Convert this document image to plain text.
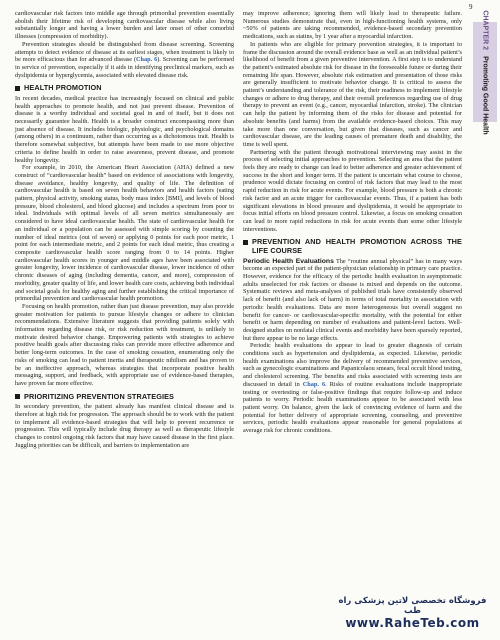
9
CHAPTER 2Promoting Good Health

cardiovascular risk factors into middle age through primordial prevention essentially abolish their lifetime risk of developing cardiovascular disease while also living substantially longer and having a lower burden and later onset of other comorbid illnesses (compression of morbidity).

Prevention strategies should be distinguished from disease screening. Screening attempts to detect evidence of disease at its earliest stages, when treatment is likely to be more efficacious than for advanced disease (Chap. 6). Screening can be performed in service of prevention, especially if it aids in identifying preclinical markers, such as dyslipidemia or hyperglycemia, associated with elevated disease risk.

HEALTH PROMOTION

In recent decades, medical practice has increasingly focused on clinical and public health approaches to promote health, and not just prevent disease. Prevention of disease is a worthy individual and societal goal in and of itself, but it does not necessarily guarantee health. Health is a broader construct encompassing more than just absence of disease. It includes biologic, physiologic, and psychological domains (among others) in a continuum, rather than occurring as a dichotomous trait. Health is therefore somewhat subjective, but attempts have been made to use more objective criteria to define health in order to raise awareness, prevent disease, and promote healthy longevity.

For example, in 2010, the American Heart Association (AHA) defined a new construct of “cardiovascular health” based on evidence of associations with longevity, disease avoidance, healthy longevity, and quality of life. The definition of cardiovascular health is based on seven health behaviors and health factors (eating pattern, physical activity, smoking status, body mass index [BMI], and levels of blood pressure, blood cholesterol, and blood glucose) and includes a spectrum from poor to ideal. Individuals with optimal levels of all seven metrics simultaneously are considered to have ideal cardiovascular health. The state of cardiovascular health for an individual or a population can be assessed with simple scoring by counting the number of ideal metrics (out of seven) or applying 0 points for each poor metric, 1 point for each intermediate metric, and 2 points for each ideal metric, thus creating a composite cardiovascular health score ranging from 0 to 14 points. Higher cardiovascular health scores in younger and middle ages have been associated with greater longevity, lower incidence of cardiovascular disease, lower incidence of other chronic diseases of aging (including dementia, cancer, and more), compression of morbidity, greater quality of life, and lower health care costs, achieving both individual and societal goals for healthy aging and further establishing the critical importance of primordial prevention and cardiovascular health promotion.

Focusing on health promotion, rather than just disease prevention, may also provide greater motivation for patients to pursue lifestyle changes or adhere to clinician recommendations. Extensive literature suggests that providing patients solely with information regarding disease risk, or risk reduction with treatment, is unlikely to motivate desired behavior change. Empowering patients with strategies to achieve positive health goals after discussing risks can provide more effective adherence and better long-term outcomes. In the case of smoking cessation, enumerating only the risks of smoking can lead to patient inertia and therapeutic nihilism and has proven to be an ineffective approach, whereas strategies that incorporate positive health messaging, support, and feedback, with appropriate use of evidence-based therapies, have proven far more effective.

PRIORITIZING PREVENTION STRATEGIES

In secondary prevention, the patient already has manifest clinical disease and is therefore at high risk for progression. The approach should be to work with the patient to implement all evidence-based strategies that will help to prevent recurrence or progression. This will typically include drug therapy as well as therapeutic lifestyle changes to control ongoing risk factors that may have caused disease in the first place. Juggling priorities can be difficult, and barriers to implementation are

may improve adherence; ignoring them will likely lead to therapeutic failure. Numerous studies demonstrate that, even in high-functioning health systems, only ~50% of patients are taking recommended, evidence-based secondary prevention medications, such as statins, by 1 year after a myocardial infarction.

In patients who are eligible for primary prevention strategies, it is important to frame the discussion around the overall evidence base as well as an individual patient’s likelihood of benefit from a given preventive intervention. A first step is to understand the patient’s estimated absolute risk for disease in the foreseeable future or during their remaining life span. However, absolute risk estimation and presentation of those risks are generally insufficient to motivate behavior change. It is critical to assess the patient’s understanding and tolerance of the risk, their readiness to implement lifestyle changes or adhere to drug therapy, and their overall preferences regarding use of drug therapy to prevent an event (e.g., cancer, myocardial infarction, stroke). The clinician can help the patient by informing them of the risks for disease and potential for absolute benefits (and harms) from the available evidence-based choices. This may take more than one conversation, but given that diseases, such as cancer and cardiovascular disease, are the leading causes of premature death and disability, the time is well spent.

Partnering with the patient through motivational interviewing may assist in the process of selecting initial approaches to prevention. Selecting an area that the patient feels they are ready to change can lead to better adherence and greater achievement of success in the short and longer term. If the patient is uncertain what course to choose, prudence would dictate focusing on control of risk factors that may lead to the most rapid reduction in risk for acute events. For example, blood pressure is both a chronic risk factor and an acute trigger for cardiovascular events. Thus, if a patient has both significant elevations in blood pressure and dyslipidemia, it would be appropriate to focus initial efforts on blood pressure control. Likewise, a focus on smoking cessation can lead to more rapid reductions in risk for acute events than some other lifestyle interventions.

PREVENTION AND HEALTH PROMOTION ACROSS THE LIFE COURSE

Periodic Health Evaluations The “routine annual physical” has in many ways become an expected part of the patient-physician relationship in primary care practice. However, evidence for the efficacy of the periodic health evaluation in asymptomatic adults unselected for risk factors or disease is mixed and depends on the outcome. Systematic reviews and meta-analyses of published trials have consistently observed lack of benefit (and also lack of harm) in terms of total mortality in association with periodic health evaluations. Data are more heterogeneous but overall suggest no benefit for cancer- or cardiovascular-specific mortality, with the potential for either benefit or harm depending on number of evaluations and patient-level factors. Well-designed studies on nonfatal clinical events and morbidity have been sparsely reported, but there appear to be no large effects.

Periodic health evaluations do appear to lead to greater diagnosis of certain conditions such as hypertension and dyslipidemia, as expected. Likewise, periodic health examinations also improve the delivery of recommended preventive services, such as gynecologic examinations and Papanicolaou smears, fecal occult blood testing, and cholesterol screening. The benefits and risks associated with screening tests are discussed in detail in Chap. 6. Risks of routine evaluations include inappropriate testing or overtesting or false-positive findings that require follow-up and induce patients to worry. Periodic health examinations appear to be associated with less patient worry. On balance, given the lack of convincing evidence of harm and the potential for better delivery of appropriate screening, counseling, and preventive services, periodic health evaluations appear reasonable for general populations at average risk for chronic conditions.

فروشگاه تخصصی لاتین پزشکی راه طب
www.RaheTeb.com
